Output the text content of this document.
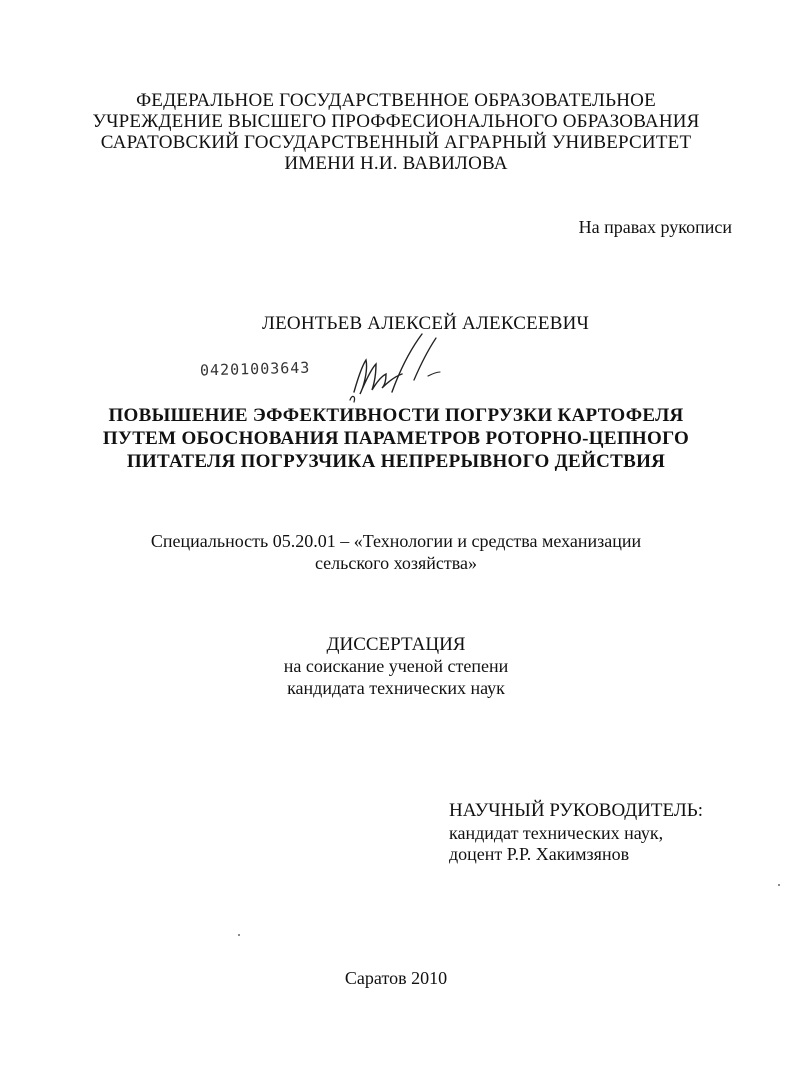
ФЕДЕРАЛЬНОЕ ГОСУДАРСТВЕННОЕ ОБРАЗОВАТЕЛЬНОЕ
УЧРЕЖДЕНИЕ ВЫСШЕГО ПРОФФЕСИОНАЛЬНОГО ОБРАЗОВАНИЯ
САРАТОВСКИЙ ГОСУДАРСТВЕННЫЙ АГРАРНЫЙ УНИВЕРСИТЕТ
ИМЕНИ Н.И. ВАВИЛОВА
На правах рукописи
ЛЕОНТЬЕВ АЛЕКСЕЙ АЛЕКСЕЕВИЧ
04201003643
ПОВЫШЕНИЕ ЭФФЕКТИВНОСТИ ПОГРУЗКИ КАРТОФЕЛЯ
ПУТЕМ ОБОСНОВАНИЯ ПАРАМЕТРОВ РОТОРНО-ЦЕПНОГО
ПИТАТЕЛЯ ПОГРУЗЧИКА НЕПРЕРЫВНОГО ДЕЙСТВИЯ
Специальность 05.20.01 – «Технологии и средства механизации
сельского хозяйства»
ДИССЕРТАЦИЯ
на соискание ученой степени
кандидата технических наук
НАУЧНЫЙ РУКОВОДИТЕЛЬ:
кандидат технических наук,
доцент Р.Р. Хакимзянов
Саратов 2010
